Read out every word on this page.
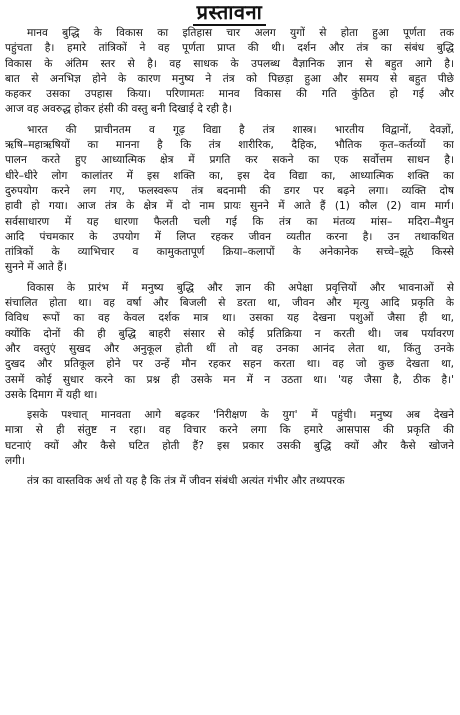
प्रस्तावना
मानव बुद्धि के विकास का इतिहास चार अलग युगों से होता हुआ पूर्णता तक
पहुंचता है। हमारे तांत्रिकों ने वह पूर्णता प्राप्त की थी। दर्शन और तंत्र का संबंध बुद्धि
विकास के अंतिम स्तर से है। वह साधक के उपलब्ध वैज्ञानिक ज्ञान से बहुत आगे है।
बात से अनभिज्ञ होने के कारण मनुष्य ने तंत्र को पिछड़ा हुआ और समय से बहुत पीछे
कहकर उसका उपहास किया। परिणामतः मानव विकास की गति कुंठित हो गई और
आज वह अवरुद्ध होकर हंसी की वस्तु बनी दिखाई दे रही है।
भारत की प्राचीनतम व गूढ़ विद्या है तंत्र शास्त्र। भारतीय विद्वानों, देवज्ञों,
ऋषि–महाऋषियों का मानना है कि तंत्र शारीरिक, दैहिक, भौतिक कृत–कर्तव्यों का
पालन करते हुए आध्यात्मिक क्षेत्र में प्रगति कर सकने का एक सर्वोत्तम साधन है।
धीरे–धीरे लोग कालांतर में इस शक्ति का, इस देव विद्या का, आध्यात्मिक शक्ति का
दुरुपयोग करने लग गए, फलस्वरूप तंत्र बदनामी की डगर पर बढ़ने लगा। व्यक्ति दोष
हावी हो गया। आज तंत्र के क्षेत्र में दो नाम प्रायः सुनने में आते हैं (1) कौल (2) वाम मार्ग।
सर्वसाधारण में यह धारणा फैलती चली गई कि तंत्र का मंतव्य मांस– मदिरा–मैथुन
आदि पंचमकार के उपयोग में लिप्त रहकर जीवन व्यतीत करना है। उन तथाकथित
तांत्रिकों के व्याभिचार व कामुकतापूर्ण क्रिया–कलापों के अनेकानेक सच्चे–झूठे किस्से
सुनने में आते हैं।
विकास के प्रारंभ में मनुष्य बुद्धि और ज्ञान की अपेक्षा प्रवृत्तियों और भावनाओं से
संचालित होता था। वह वर्षा और बिजली से डरता था, जीवन और मृत्यु आदि प्रकृति के
विविध रूपों का वह केवल दर्शक मात्र था। उसका यह देखना पशुओं जैसा ही था,
क्योंकि दोनों की ही बुद्धि बाहरी संसार से कोई प्रतिक्रिया न करती थी। जब पर्यावरण
और वस्तुएं सुखद और अनुकूल होती थीं तो वह उनका आनंद लेता था, किंतु उनके
दुखद और प्रतिकूल होने पर उन्हें मौन रहकर सहन करता था। वह जो कुछ देखता था,
उसमें कोई सुधार करने का प्रश्न ही उसके मन में न उठता था। 'यह जैसा है, ठीक है।'
उसके दिमाग में यही था।
इसके पश्चात् मानवता आगे बढ़कर 'निरीक्षण के युग' में पहुंची। मनुष्य अब देखने
मात्रा से ही संतुष्ट न रहा। वह विचार करने लगा कि हमारे आसपास की प्रकृति की
घटनाएं क्यों और कैसे घटित होती हैं? इस प्रकार उसकी बुद्धि क्यों और कैसे खोजने
लगी।
तंत्र का वास्तविक अर्थ तो यह है कि तंत्र में जीवन संबंधी अत्यंत गंभीर और तथ्यपरक
